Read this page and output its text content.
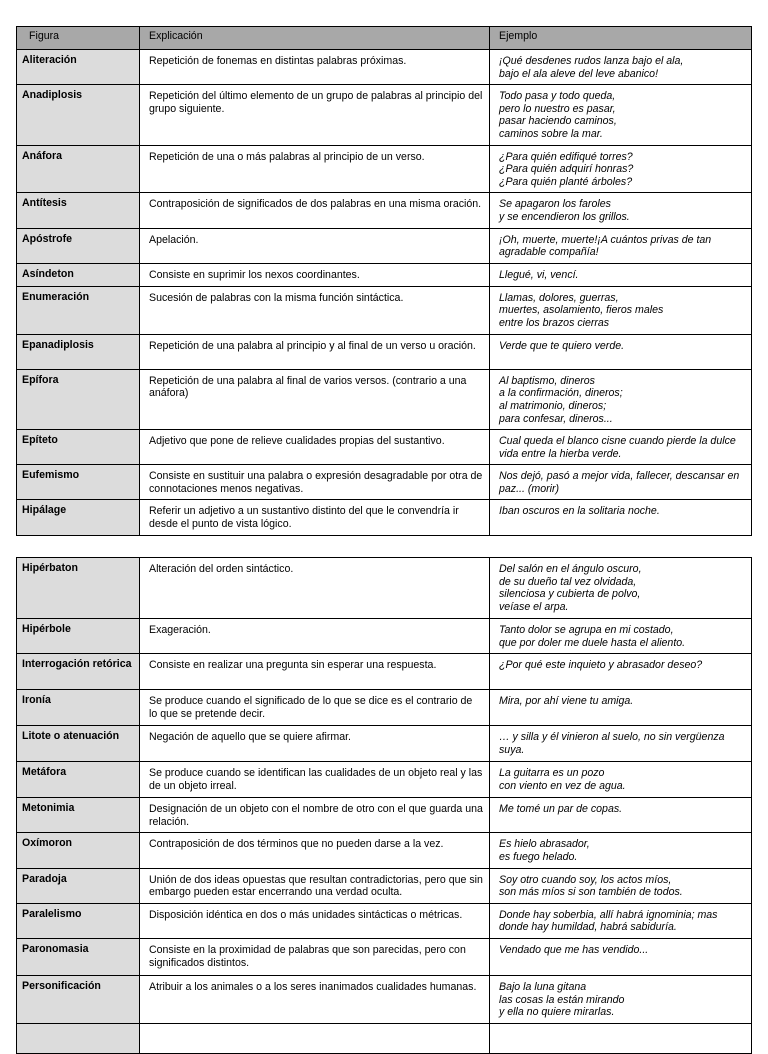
Figura	Explicación	Ejemplo
Aliteración	Repetición de fonemas en distintas palabras próximas.	¡Qué desdenes rudos lanza bajo el ala,
bajo el ala aleve del leve abanico!
Anadiplosis	Repetición del último elemento de un grupo de palabras al principio del grupo siguiente.	Todo pasa y todo queda,
pero lo nuestro es pasar,
pasar haciendo caminos,
caminos sobre la mar.
Anáfora	Repetición de una o más palabras al principio de un verso.	¿Para quién edifiqué torres?
¿Para quién adquirí honras?
¿Para quién planté árboles?
Antítesis	Contraposición de significados de dos palabras en una misma oración.	Se apagaron los faroles
y se encendieron los grillos.
Apóstrofe	Apelación.	¡Oh, muerte, muerte!¡A cuántos privas de tan agradable compañía!
Asíndeton	Consiste en suprimir los nexos coordinantes.	Llegué, vi, vencí.
Enumeración	Sucesión de palabras con la misma función sintáctica.	Llamas, dolores, guerras,
muertes, asolamiento, fieros males
entre los brazos cierras
Epanadiplosis	Repetición de una palabra al principio y al final de un verso u oración.	Verde que te quiero verde.
Epífora	Repetición de una palabra al final de varios versos. (contrario a una anáfora)	Al baptismo, dineros
a la confirmación, dineros;
al matrimonio, dineros;
para confesar, dineros...
Epíteto	Adjetivo que pone de relieve cualidades propias del sustantivo.	Cual queda el blanco cisne cuando pierde la dulce vida entre la hierba verde.
Eufemismo	Consiste en sustituir una palabra o expresión desagradable por otra de connotaciones menos negativas.	Nos dejó, pasó a mejor vida, fallecer, descansar en paz... (morir)
Hipálage	Referir un adjetivo a un sustantivo distinto del que le convendría ir desde el punto de vista lógico.	Iban oscuros en la solitaria noche.
Hipérbaton	Alteración del orden sintáctico.	Del salón en el ángulo oscuro,
de su dueño tal vez olvidada,
silenciosa y cubierta de polvo,
veíase el arpa.
Hipérbole	Exageración.	Tanto dolor se agrupa en mi costado,
que por doler me duele hasta el aliento.
Interrogación retórica	Consiste en realizar una pregunta sin esperar una respuesta.	¿Por qué este inquieto y abrasador deseo?
Ironía	Se produce cuando el significado de lo que se dice es el contrario de lo que se pretende decir.	Mira, por ahí viene tu amiga.
Litote o atenuación	Negación de aquello que se quiere afirmar.	… y silla y él vinieron al suelo, no sin vergüenza suya.
Metáfora	Se produce cuando se identifican las cualidades de un objeto real y las de un objeto irreal.	La guitarra es un pozo
con viento en vez de agua.
Metonimia	Designación de un objeto con el nombre de otro con el que guarda una relación.	Me tomé un par de copas.
Oxímoron	Contraposición de dos términos que no pueden darse a la vez.	Es hielo abrasador,
es fuego helado.
Paradoja	Unión de dos ideas opuestas que resultan contradictorias, pero que sin embargo pueden estar encerrando una verdad oculta.	Soy otro cuando soy, los actos míos,
son más míos si son también de todos.
Paralelismo	Disposición idéntica en dos o más unidades sintácticas o métricas.	Donde hay soberbia, allí habrá ignominia; mas donde hay humildad, habrá sabiduría.
Paronomasia	Consiste en la proximidad de palabras que son parecidas, pero con significados distintos.	Vendado que me has vendido...
Personificación	Atribuir a los animales o a los seres inanimados cualidades humanas.	Bajo la luna gitana
las cosas la están mirando
y ella no quiere mirarlas.
